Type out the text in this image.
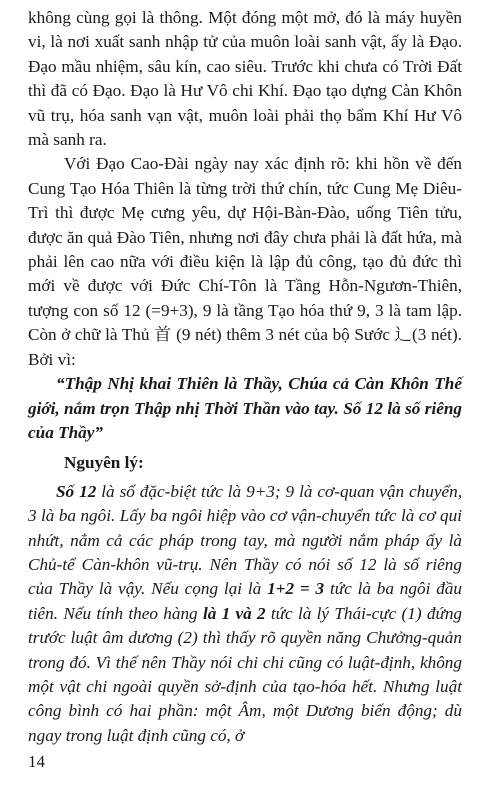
không cùng gọi là thông. Một đóng một mở, đó là máy huyền vi, là nơi xuất sanh nhập tử của muôn loài sanh vật, ấy là Đạo. Đạo mầu nhiệm, sâu kín, cao siêu. Trước khi chưa có Trời Đất thì đã có Đạo. Đạo là Hư Vô chi Khí. Đạo tạo dựng Càn Khôn vũ trụ, hóa sanh vạn vật, muôn loài phải thọ bẩm Khí Hư Vô mà sanh ra.

Với Đạo Cao-Đài ngày nay xác định rõ: khi hồn về đến Cung Tạo Hóa Thiên là từng trời thứ chín, tức Cung Mẹ Diêu-Trì thì được Mẹ cưng yêu, dự Hội-Bàn-Đào, uống Tiên tửu, được ăn quả Đào Tiên, nhưng nơi đây chưa phải là đất hứa, mà phải lên cao nữa với điều kiện là lập đủ công, tạo đủ đức thì mới về được với Đức Chí-Tôn là Tầng Hỗn-Ngươn-Thiên, tượng con số 12 (=9+3), 9 là tầng Tạo hóa thứ 9, 3 là tam lập. Còn ở chữ là Thủ 首 (9 nét) thêm 3 nét của bộ Sước 辶(3 nét). Bởi vì:

“Thập Nhị khai Thiên là Thầy, Chúa cả Càn Khôn Thế giới, nắm trọn Thập nhị Thời Thần vào tay. Số 12 là số riêng của Thầy”

Nguyên lý:

Số 12 là số đặc-biệt tức là 9+3; 9 là cơ-quan vận chuyển, 3 là ba ngôi. Lấy ba ngôi hiệp vào cơ vận-chuyển tức là cơ qui nhứt, nắm cả các pháp trong tay, mà người nắm pháp ấy là Chủ-tể Càn-khôn vũ-trụ. Nên Thầy có nói số 12 là số riêng của Thầy là vậy. Nếu cọng lại là 1+2 = 3 tức là ba ngôi đầu tiên. Nếu tính theo hàng là 1 và 2 tức là lý Thái-cực (1) đứng trước luật âm dương (2) thì thấy rõ quyền năng Chưởng-quản trong đó. Vì thế nên Thầy nói chi chi cũng có luật-định, không một vật chi ngoài quyền sở-định của tạo-hóa hết. Nhưng luật công bình có hai phần: một Âm, một Dương biến động; dù ngay trong luật định cũng có, ở

14
